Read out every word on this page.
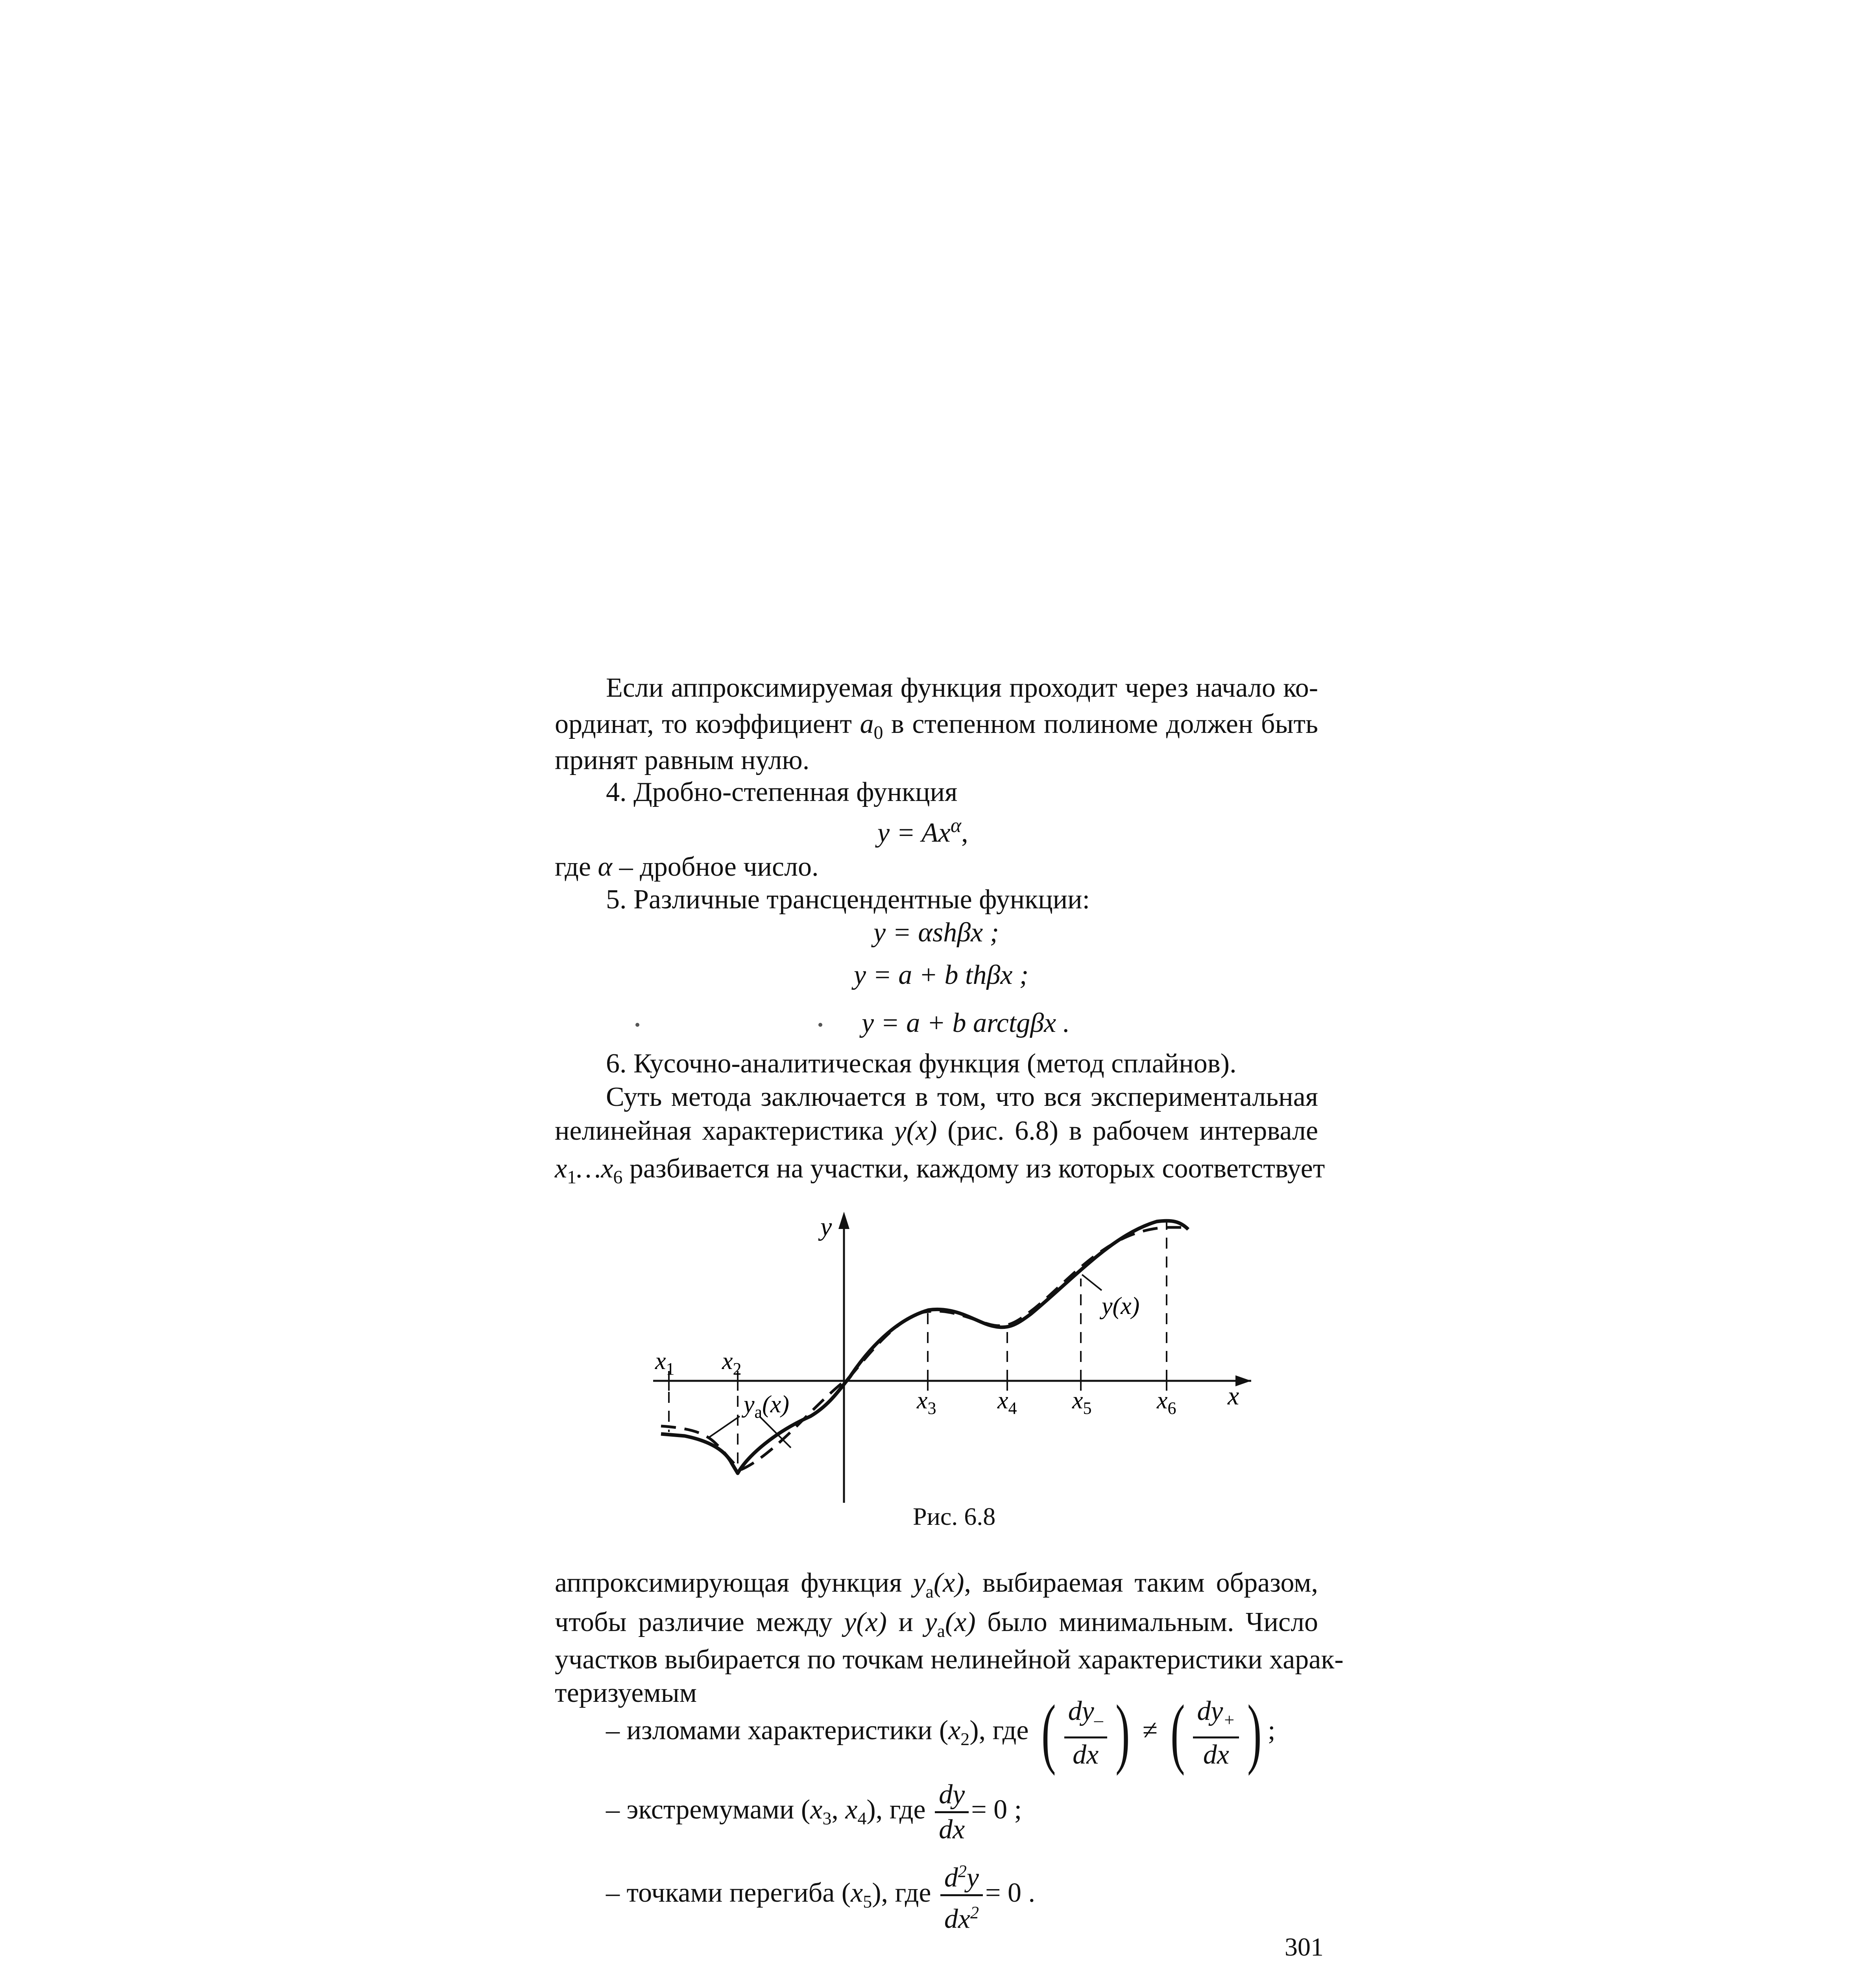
Если аппроксимируемая функция проходит через начало ко-

ординат, то коэффициент $a_0$ в степенном полиноме должен быть

принят равным нулю.

4. Дробно-степенная функция

$y = Ax^\alpha$,

где α – дробное число.

5. Различные трансцендентные функции:

y = αshβx ;
y = a + b thβx ;
y = a + b arctgβx .

6. Кусочно-аналитическая функция (метод сплайнов).

Суть метода заключается в том, что вся экспериментальная

нелинейная характеристика y(x) (рис. 6.8) в рабочем интервале

$x_1\dots x_6$ разбивается на участки, каждому из которых соответствует

y
x
$x_1$ $x_2$
$x_3$	$x_4$ $x_5$	$x_6$
y(x)
$y_a(x)$
Рис. 6.8

аппроксимирующая функция $y_а(x)$, выбираемая таким образом,

чтобы различие между y(x) и $y_а(x)$ было минимальным. Число

участков выбирается по точкам нелинейной характеристики харак-

теризуемым

– изломами характеристики $(x_2)$, где ( $\frac{dy_-}{dx}$ ) ≠ ( $\frac{dy_+}{dx}$ ) ;
– экстремумами ($x_3$, $x_4$), где $\frac{dy}{dx} = 0$ ;
– точками перегиба $(x_5)$, где $\frac{d^2y}{dx^2} = 0$ .
301
